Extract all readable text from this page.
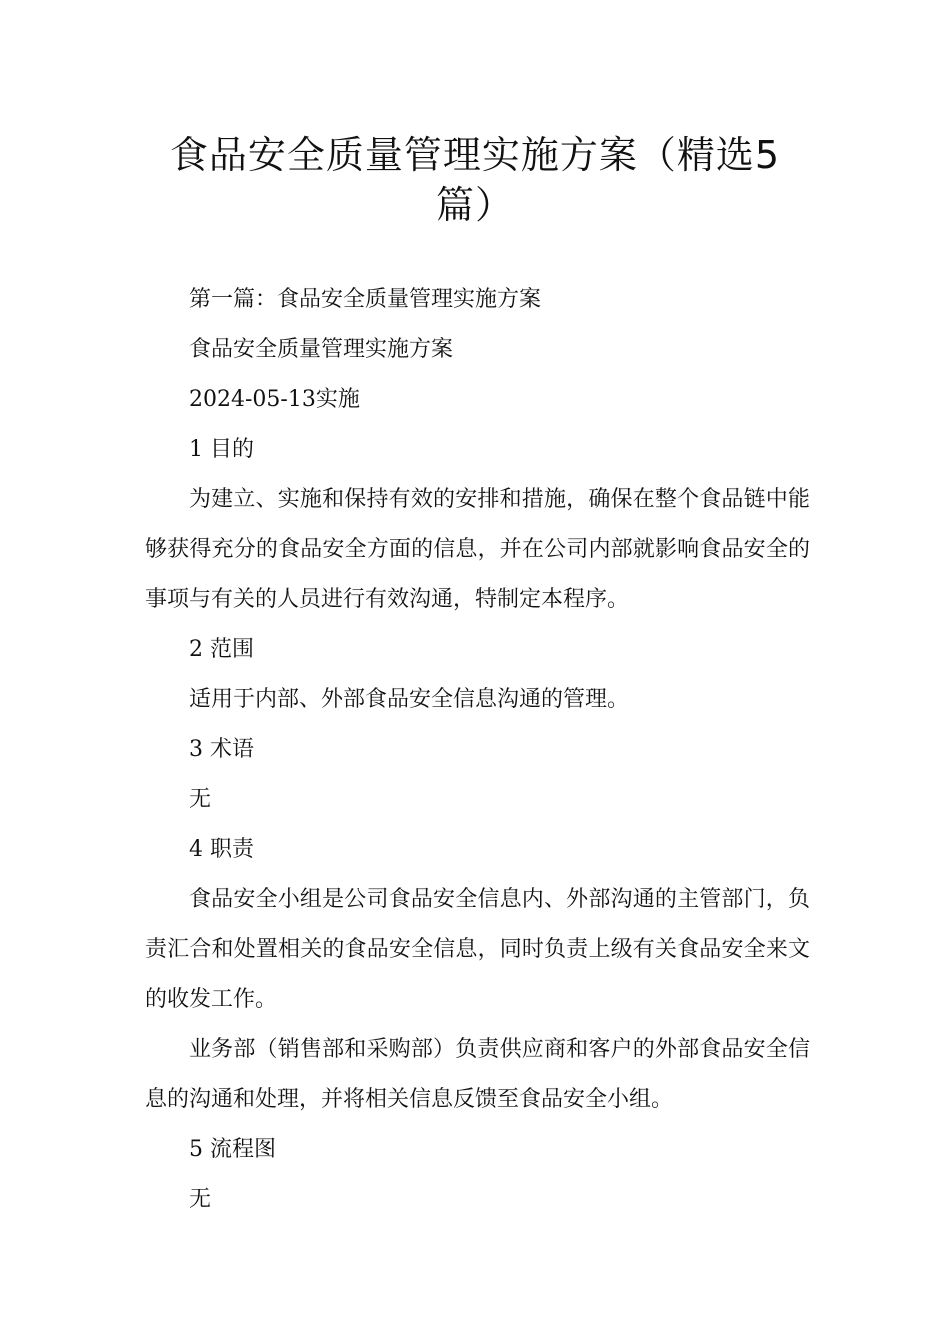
食品安全质量管理实施方案（精选5篇）

第一篇：食品安全质量管理实施方案

食品安全质量管理实施方案

2024-05-13实施

1 目的

为建立、实施和保持有效的安排和措施，确保在整个食品链中能够获得充分的食品安全方面的信息，并在公司内部就影响食品安全的事项与有关的人员进行有效沟通，特制定本程序。

2 范围

适用于内部、外部食品安全信息沟通的管理。

3 术语

无

4 职责

食品安全小组是公司食品安全信息内、外部沟通的主管部门，负责汇合和处置相关的食品安全信息，同时负责上级有关食品安全来文的收发工作。

业务部（销售部和采购部）负责供应商和客户的外部食品安全信息的沟通和处理，并将相关信息反馈至食品安全小组。

5 流程图

无
